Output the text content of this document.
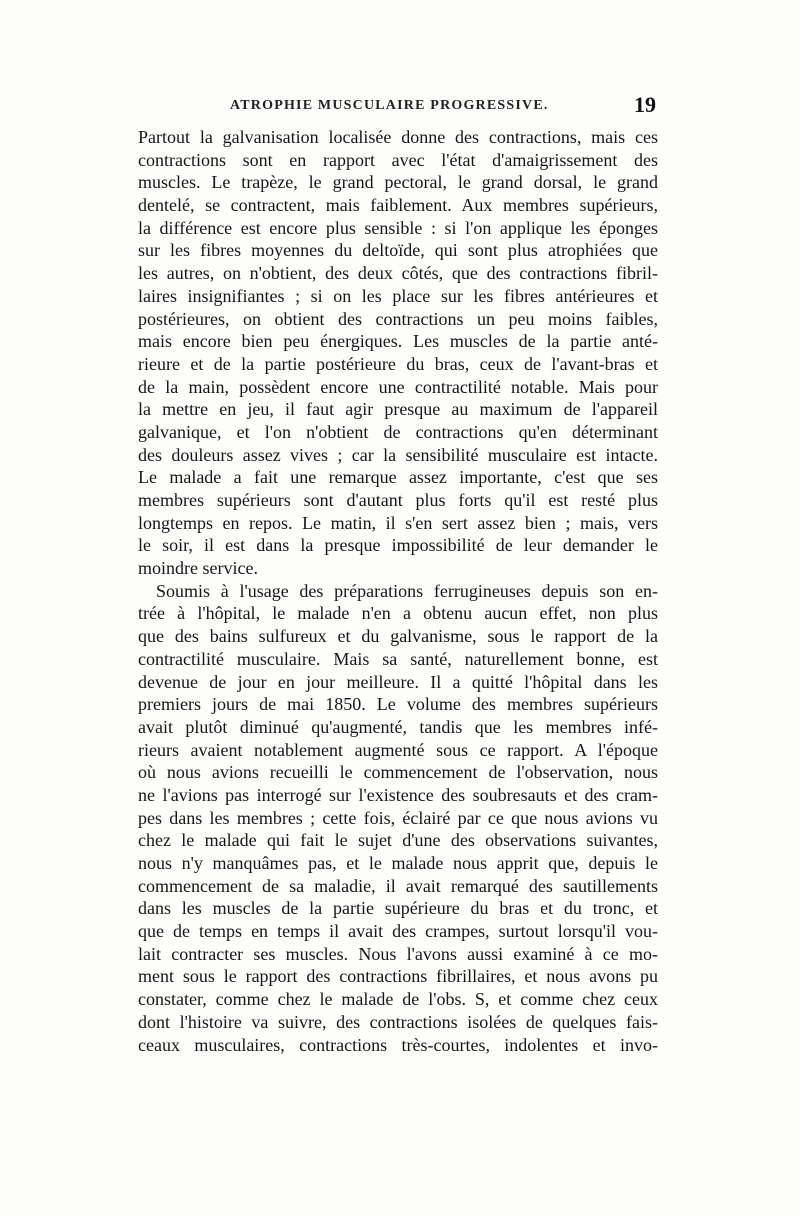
ATROPHIE MUSCULAIRE PROGRESSIVE.	19
Partout la galvanisation localisée donne des contractions, mais ces
contractions sont en rapport avec l'état d'amaigrissement des
muscles. Le trapèze, le grand pectoral, le grand dorsal, le grand
dentelé, se contractent, mais faiblement. Aux membres supérieurs,
la différence est encore plus sensible : si l'on applique les éponges
sur les fibres moyennes du deltoïde, qui sont plus atrophiées que
les autres, on n'obtient, des deux côtés, que des contractions fibril-
laires insignifiantes ; si on les place sur les fibres antérieures et
postérieures, on obtient des contractions un peu moins faibles,
mais encore bien peu énergiques. Les muscles de la partie anté-
rieure et de la partie postérieure du bras, ceux de l'avant-bras et
de la main, possèdent encore une contractilité notable. Mais pour
la mettre en jeu, il faut agir presque au maximum de l'appareil
galvanique, et l'on n'obtient de contractions qu'en déterminant
des douleurs assez vives ; car la sensibilité musculaire est intacte.
Le malade a fait une remarque assez importante, c'est que ses
membres supérieurs sont d'autant plus forts qu'il est resté plus
longtemps en repos. Le matin, il s'en sert assez bien ; mais, vers
le soir, il est dans la presque impossibilité de leur demander le
moindre service.
Soumis à l'usage des préparations ferrugineuses depuis son en-
trée à l'hôpital, le malade n'en a obtenu aucun effet, non plus
que des bains sulfureux et du galvanisme, sous le rapport de la
contractilité musculaire. Mais sa santé, naturellement bonne, est
devenue de jour en jour meilleure. Il a quitté l'hôpital dans les
premiers jours de mai 1850. Le volume des membres supérieurs
avait plutôt diminué qu'augmenté, tandis que les membres infé-
rieurs avaient notablement augmenté sous ce rapport. A l'époque
où nous avions recueilli le commencement de l'observation, nous
ne l'avions pas interrogé sur l'existence des soubresauts et des cram-
pes dans les membres ; cette fois, éclairé par ce que nous avions vu
chez le malade qui fait le sujet d'une des observations suivantes,
nous n'y manquâmes pas, et le malade nous apprit que, depuis le
commencement de sa maladie, il avait remarqué des sautillements
dans les muscles de la partie supérieure du bras et du tronc, et
que de temps en temps il avait des crampes, surtout lorsqu'il vou-
lait contracter ses muscles. Nous l'avons aussi examiné à ce mo-
ment sous le rapport des contractions fibrillaires, et nous avons pu
constater, comme chez le malade de l'obs. S, et comme chez ceux
dont l'histoire va suivre, des contractions isolées de quelques fais-
ceaux musculaires, contractions très-courtes, indolentes et invo-
